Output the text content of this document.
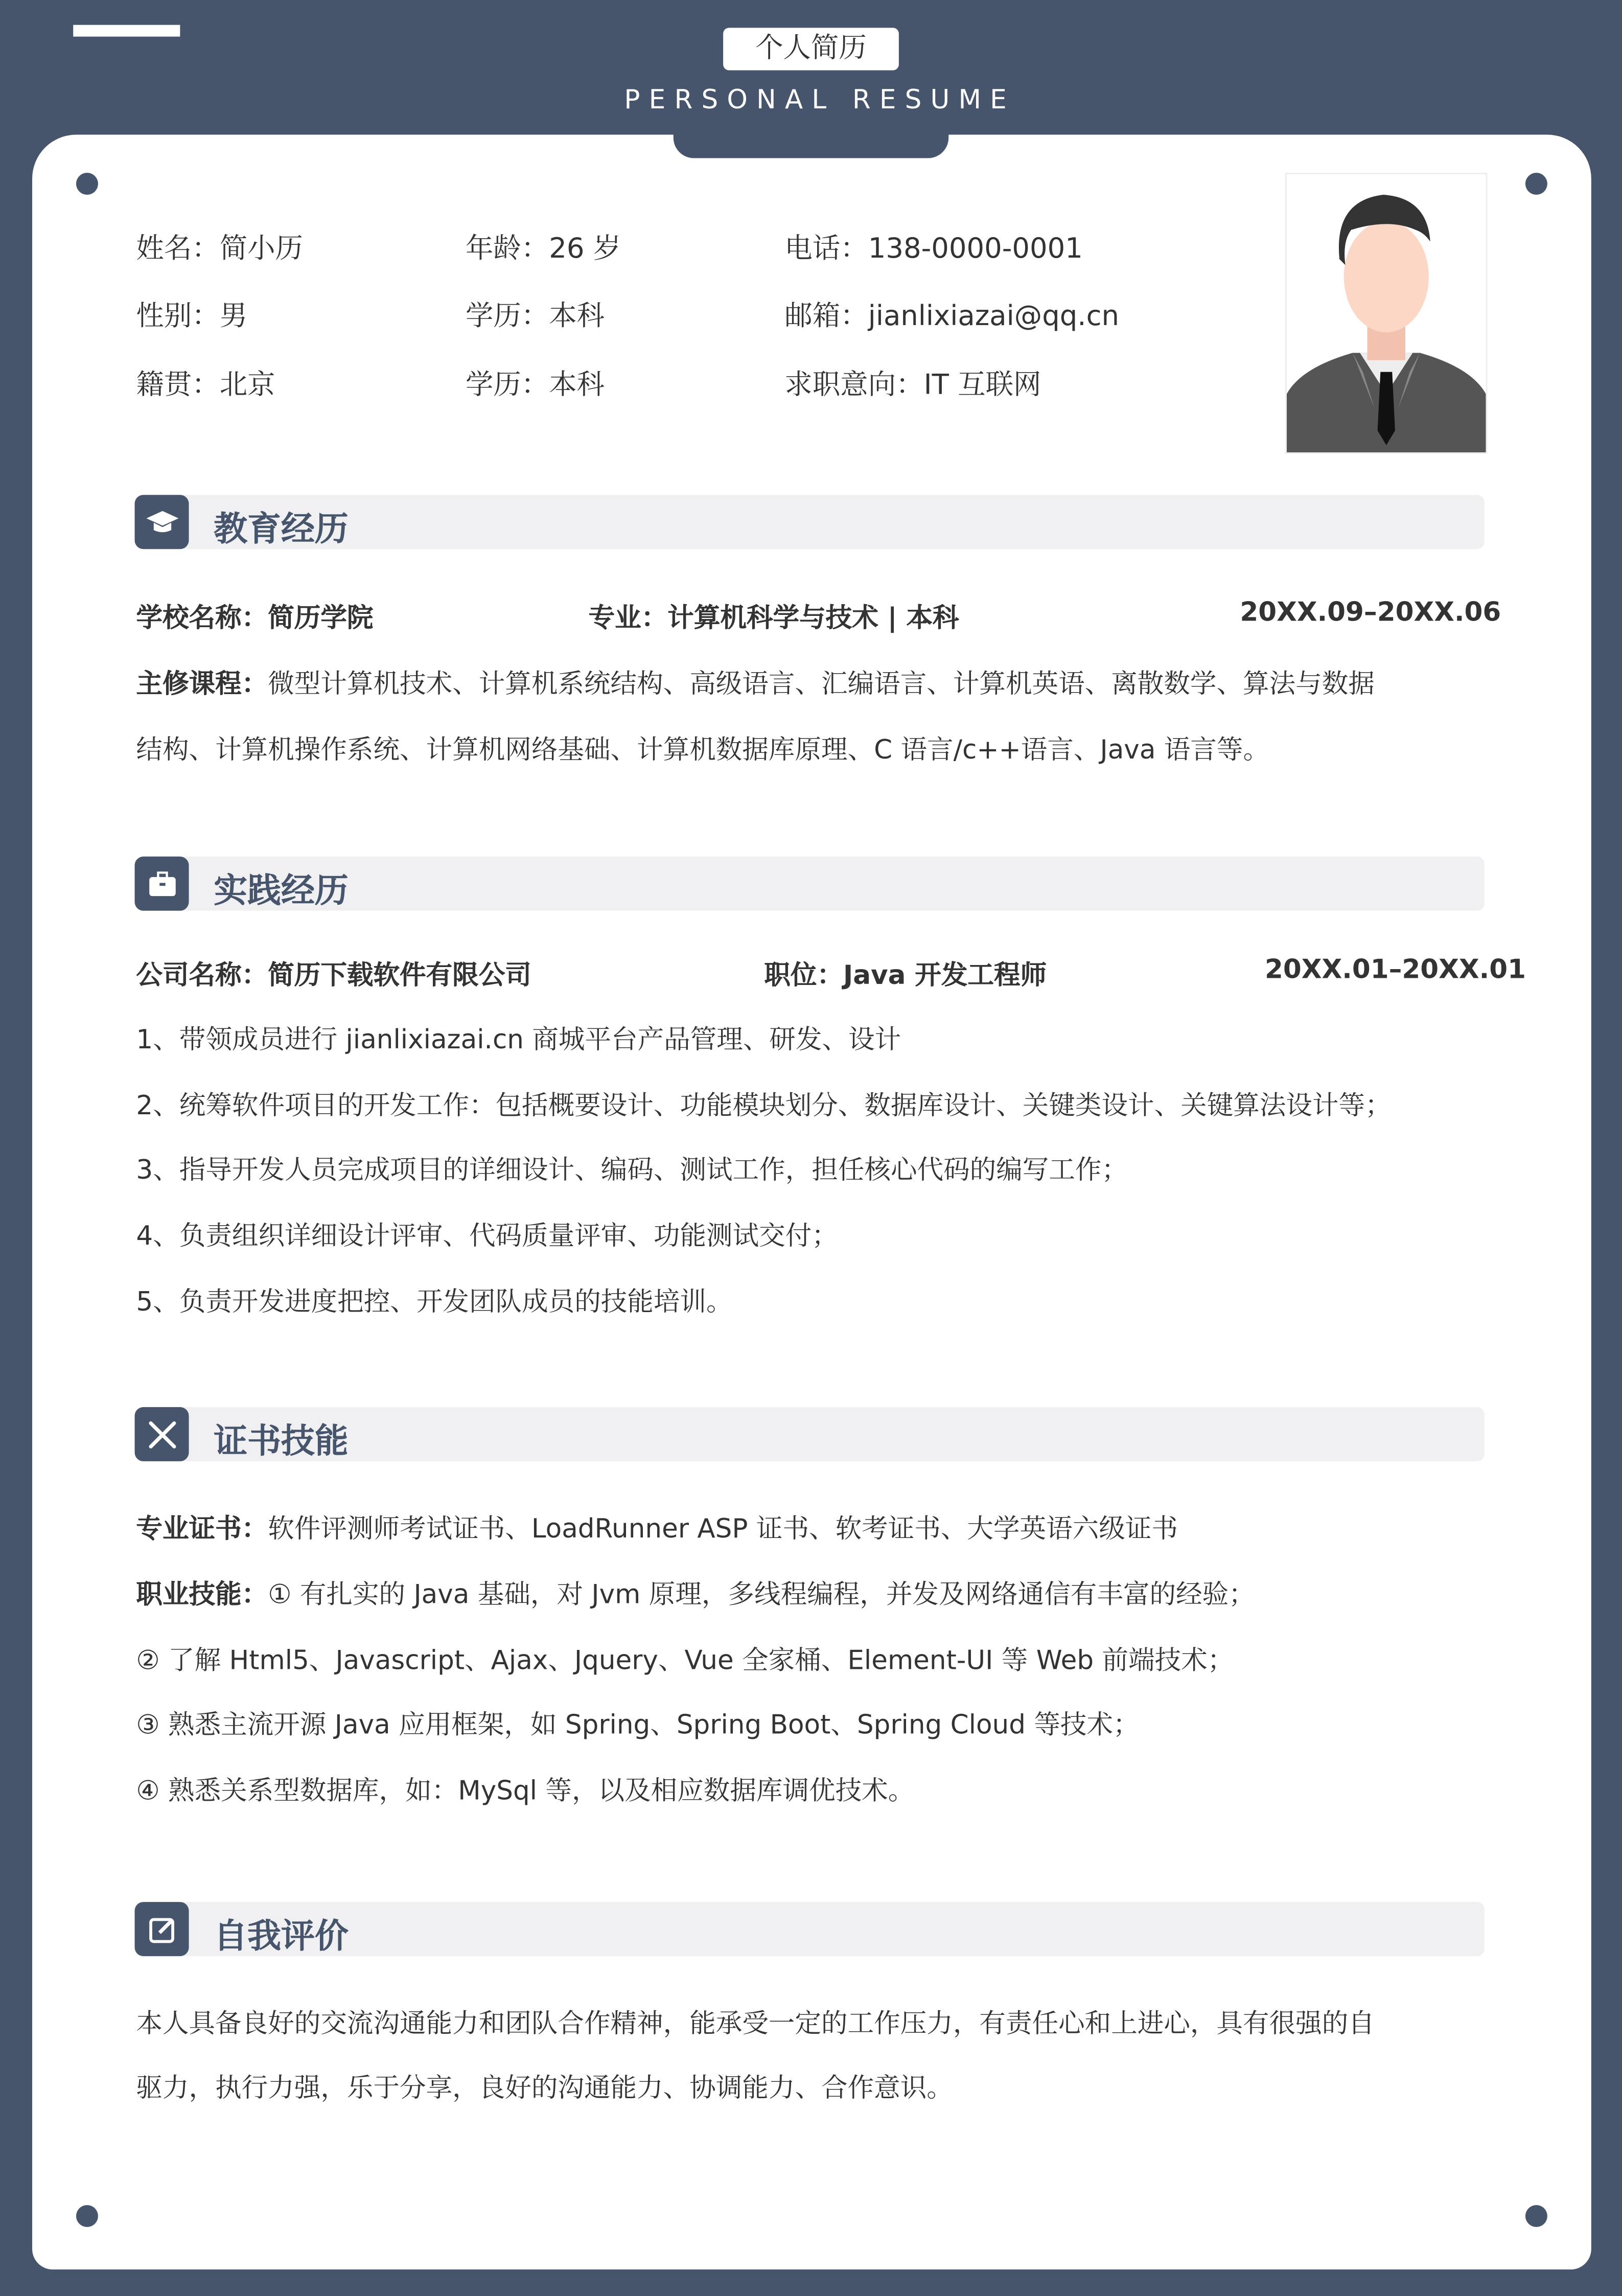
个人简历
PERSONAL RESUME
姓名：简小历	年龄：26 岁	电话：138-0000-0001
性别：男	学历：本科	邮箱：jianlixiazai@qq.cn
籍贯：北京	学历：本科	求职意向：IT 互联网
教育经历
学校名称：简历学院	专业：计算机科学与技术 | 本科	20XX.09–20XX.06
主修课程：微型计算机技术、计算机系统结构、高级语言、汇编语言、计算机英语、离散数学、算法与数据
结构、计算机操作系统、计算机网络基础、计算机数据库原理、C 语言/c++语言、Java 语言等。
实践经历
公司名称：简历下载软件有限公司	职位：Java 开发工程师	20XX.01–20XX.01
1、带领成员进行 jianlixiazai.cn 商城平台产品管理、研发、设计
2、统筹软件项目的开发工作：包括概要设计、功能模块划分、数据库设计、关键类设计、关键算法设计等；
3、指导开发人员完成项目的详细设计、编码、测试工作，担任核心代码的编写工作；
4、负责组织详细设计评审、代码质量评审、功能测试交付；
5、负责开发进度把控、开发团队成员的技能培训。
证书技能
专业证书：软件评测师考试证书、LoadRunner ASP 证书、软考证书、大学英语六级证书
职业技能：① 有扎实的 Java 基础，对 Jvm 原理，多线程编程，并发及网络通信有丰富的经验；
② 了解 Html5、Javascript、Ajax、Jquery、Vue 全家桶、Element-UI 等 Web 前端技术；
③ 熟悉主流开源 Java 应用框架，如 Spring、Spring Boot、Spring Cloud 等技术；
④ 熟悉关系型数据库，如：MySql 等，以及相应数据库调优技术。
自我评价
本人具备良好的交流沟通能力和团队合作精神，能承受一定的工作压力，有责任心和上进心，具有很强的自
驱力，执行力强，乐于分享，良好的沟通能力、协调能力、合作意识。
